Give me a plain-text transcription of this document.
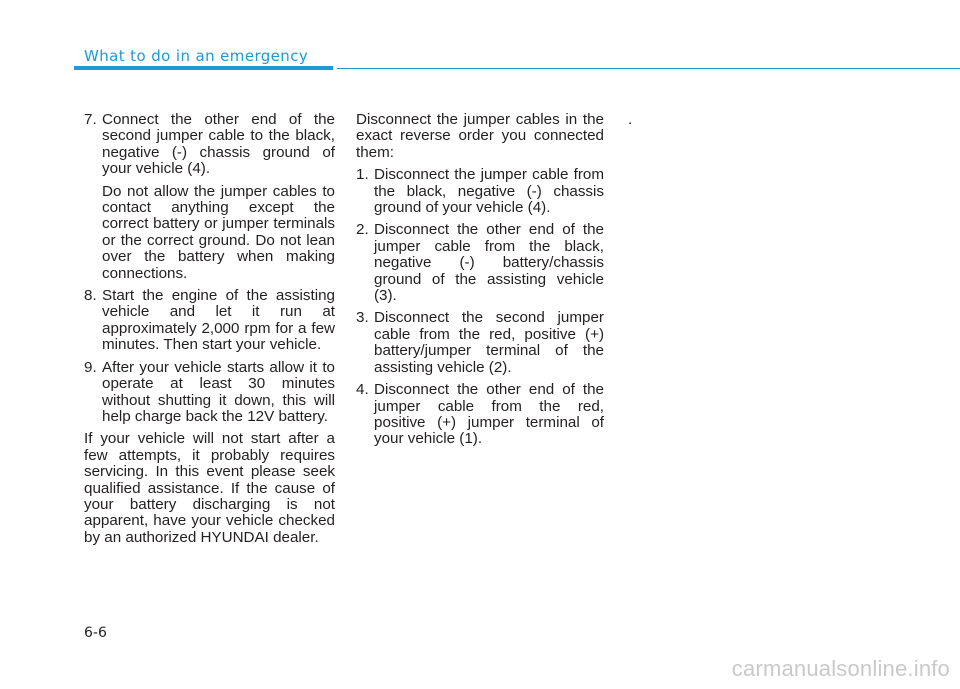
What to do in an emergency
7. Connect the other end of the second jumper cable to the black, negative (-) chassis ground of your vehicle (4).
Do not allow the jumper cables to contact anything except the correct battery or jumper terminals or the correct ground. Do not lean over the battery when making connections.
8. Start the engine of the assisting vehicle and let it run at approximately 2,000 rpm for a few minutes. Then start your vehicle.
9. After your vehicle starts allow it to operate at least 30 minutes without shutting it down, this will help charge back the 12V battery.
If your vehicle will not start after a few attempts, it probably requires servicing. In this event please seek qualified assistance. If the cause of your battery discharging is not apparent, have your vehicle checked by an authorized HYUNDAI dealer.
Disconnect the jumper cables in the exact reverse order you connected them:
1. Disconnect the jumper cable from the black, negative (-) chassis ground of your vehicle (4).
2. Disconnect the other end of the jumper cable from the black, negative (-) battery/chassis ground of the assisting vehicle (3).
3. Disconnect the second jumper cable from the red, positive (+) battery/jumper terminal of the assisting vehicle (2).
4. Disconnect the other end of the jumper cable from the red, positive (+) jumper terminal of your vehicle (1).
.
6-6
carmanualsonline.info
